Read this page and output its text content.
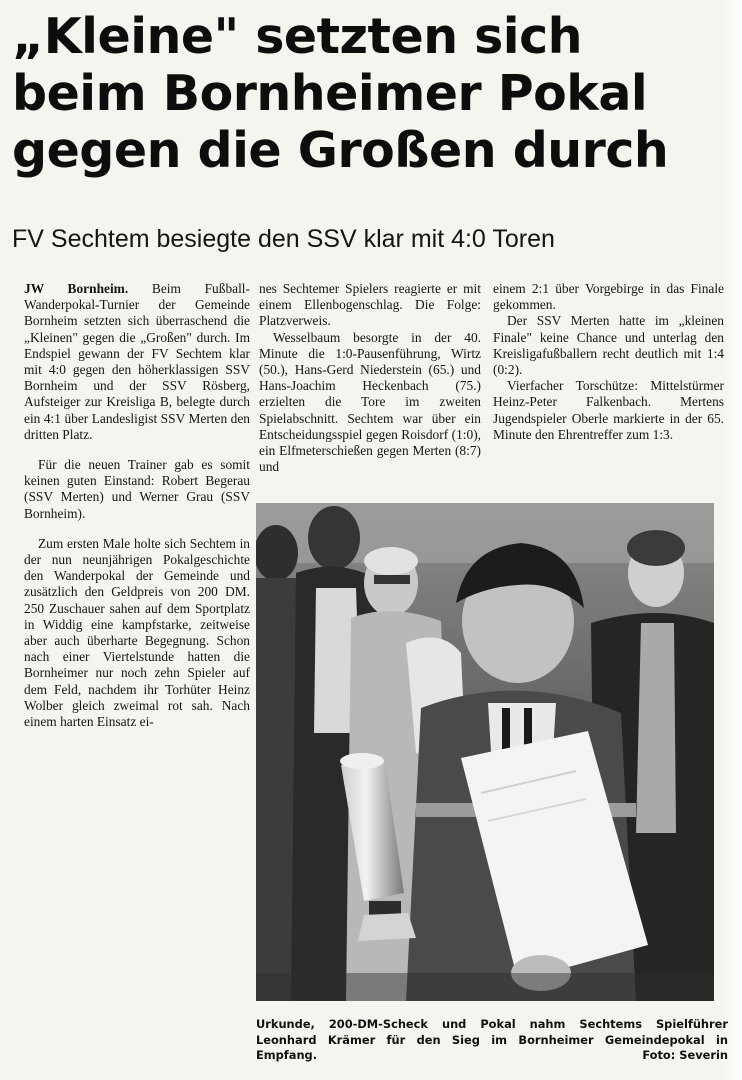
„Kleine" setzten sich
beim Bornheimer Pokal
gegen die Großen durch
FV Sechtem besiegte den SSV klar mit 4:0 Toren

JW Bornheim. Beim Fußball-Wanderpokal-Turnier der Gemeinde Bornheim setzten sich überraschend die „Kleinen" gegen die „Großen" durch. Im Endspiel gewann der FV Sechtem klar mit 4:0 gegen den höherklassigen SSV Bornheim und der SSV Rösberg, Aufsteiger zur Kreisliga B, belegte durch ein 4:1 über Landesligist SSV Merten den dritten Platz.

Für die neuen Trainer gab es somit keinen guten Einstand: Robert Begerau (SSV Merten) und Werner Grau (SSV Bornheim).

Zum ersten Male holte sich Sechtem in der nun neunjährigen Pokalgeschichte den Wanderpokal der Gemeinde und zusätzlich den Geldpreis von 200 DM. 250 Zuschauer sahen auf dem Sportplatz in Widdig eine kampfstarke, zeitweise aber auch überharte Begegnung. Schon nach einer Viertelstunde hatten die Bornheimer nur noch zehn Spieler auf dem Feld, nachdem ihr Torhüter Heinz Wolber gleich zweimal rot sah. Nach einem harten Einsatz ei-

nes Sechtemer Spielers reagierte er mit einem Ellenbogenschlag. Die Folge: Platzverweis.

Wesselbaum besorgte in der 40. Minute die 1:0-Pausenführung, Wirtz (50.), Hans-Gerd Niederstein (65.) und Hans-Joachim Heckenbach (75.) erzielten die Tore im zweiten Spielabschnitt. Sechtem war über ein Entscheidungsspiel gegen Roisdorf (1:0), ein Elfmeterschießen gegen Merten (8:7) und

einem 2:1 über Vorgebirge in das Finale gekommen.

Der SSV Merten hatte im „kleinen Finale" keine Chance und unterlag den Kreisligafußballern recht deutlich mit 1:4 (0:2).

Vierfacher Torschütze: Mittelstürmer Heinz-Peter Falkenbach. Mertens Jugendspieler Oberle markierte in der 65. Minute den Ehrentreffer zum 1:3.

Urkunde, 200-DM-Scheck und Pokal nahm Sechtems Spielführer Leonhard Krämer für den Sieg im Bornheimer Gemeindepokal in Empfang.	Foto: Severin
